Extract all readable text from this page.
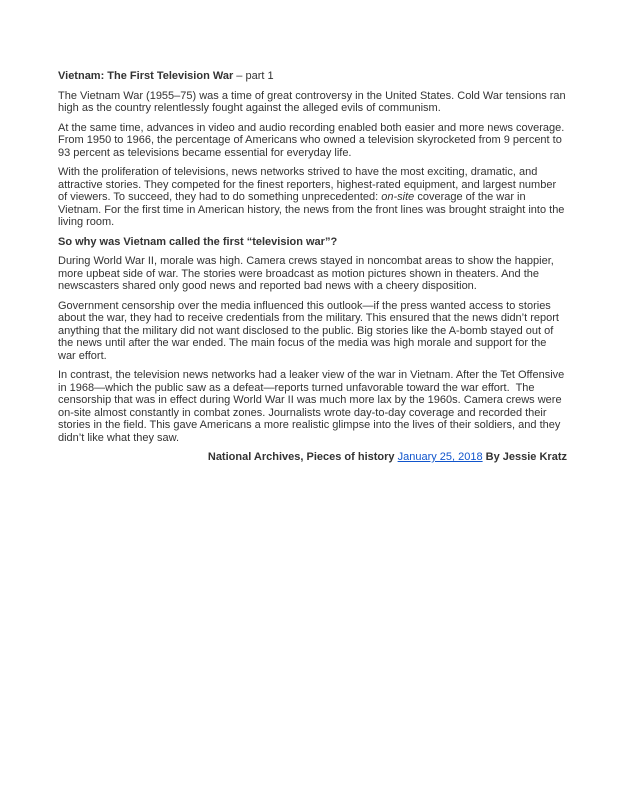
Vietnam: The First Television War – part 1

The Vietnam War (1955–75) was a time of great controversy in the United States. Cold War tensions ran high as the country relentlessly fought against the alleged evils of communism.

At the same time, advances in video and audio recording enabled both easier and more news coverage. From 1950 to 1966, the percentage of Americans who owned a television skyrocketed from 9 percent to 93 percent as televisions became essential for everyday life.

With the proliferation of televisions, news networks strived to have the most exciting, dramatic, and attractive stories. They competed for the finest reporters, highest-rated equipment, and largest number of viewers. To succeed, they had to do something unprecedented: on-site coverage of the war in Vietnam. For the first time in American history, the news from the front lines was brought straight into the living room.

So why was Vietnam called the first “television war”?

During World War II, morale was high. Camera crews stayed in noncombat areas to show the happier, more upbeat side of war. The stories were broadcast as motion pictures shown in theaters. And the newscasters shared only good news and reported bad news with a cheery disposition.

Government censorship over the media influenced this outlook—if the press wanted access to stories about the war, they had to receive credentials from the military. This ensured that the news didn’t report anything that the military did not want disclosed to the public. Big stories like the A-bomb stayed out of the news until after the war ended. The main focus of the media was high morale and support for the war effort.

In contrast, the television news networks had a leaker view of the war in Vietnam. After the Tet Offensive in 1968—which the public saw as a defeat—reports turned unfavorable toward the war effort.  The censorship that was in effect during World War II was much more lax by the 1960s. Camera crews were on-site almost constantly in combat zones. Journalists wrote day-to-day coverage and recorded their stories in the field. This gave Americans a more realistic glimpse into the lives of their soldiers, and they didn’t like what they saw.

National Archives, Pieces of history January 25, 2018 By Jessie Kratz
